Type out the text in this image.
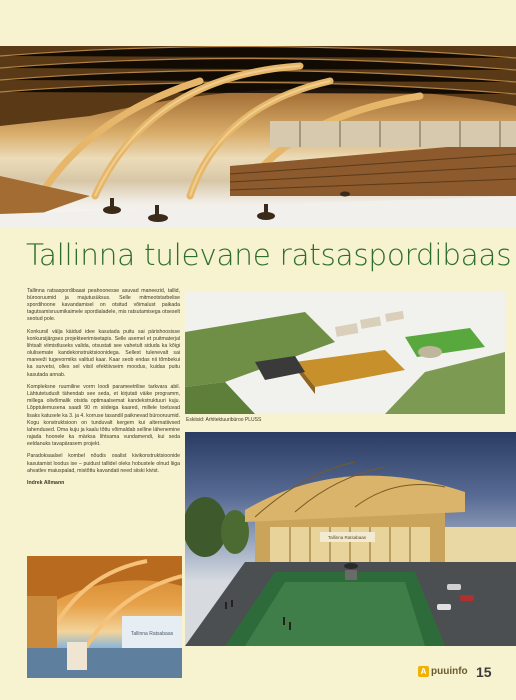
Tallinna tulevane ratsaspordibaas

Tallinna ratsaspordibaasi peahoonesse asuvad maneezid, tallid, bürooruumid ja majutusüksus. Selle mitmeotstarbelise spordihoone kavandamisel on otsitud võimalust paikada tagutsamisruumikaimele spordialadele, mis ratsutamisega otseselt seotud pole.

Konkursil välja käidud idee kasutada puitu sai pärishoosisse konkursijärgses projekteerimisetapis. Selle asemel et puitmaterjal lihtsalt viimistluseks valida, otsustati see vahetult siduda ka kõigi olulisemate kandekonstruktsioonidega. Sellest tulenevalt sai maneeži tugevormiks valitud kaar. Kaar seob endas nii tõmbekui ka survetsi, olles sel viisil efektiivseim moodus, kuidas puitu kasutada annab.

Kompleksne ruumiline vorm loodi parameetrilise tarkvara abil. Lähtutetuduslt tähendab see seda, et kirjutati väike programm, millega olivõimalik otsida optimaalsemat kandekstruktuuri kuju. Lõpptulemusena saadi 90 m siideiga kaared, millele toetuvad lisaks katusele ka 3. ja 4. korruse tasandil paiknevad bürooruumid. Kogu konstruktsioon on tunduvalt kergem kui alternatiivsed lahendused. Oma kuju ja kaalu tõttu võimaldab selline lähenemine rajada hoonele ka märksa lihtsama vundamendi, kui seda eeldanuks tavapärasem projekt.

Paradoksaalsel kombel nõudis osalist kivikonstruktsioonide kasutamist loodus ise – puidust tallidel oleks hobustele olnud liiga ahvatlev maiuspalad, mistõttu kavandati need siiski kivist.

Indrek Allmann

Tallinna Ratsabaas
Eskiisid: Arhitektuuribüroo PLUSS
Tallinna Ratsabaas
A puuinfo 15
